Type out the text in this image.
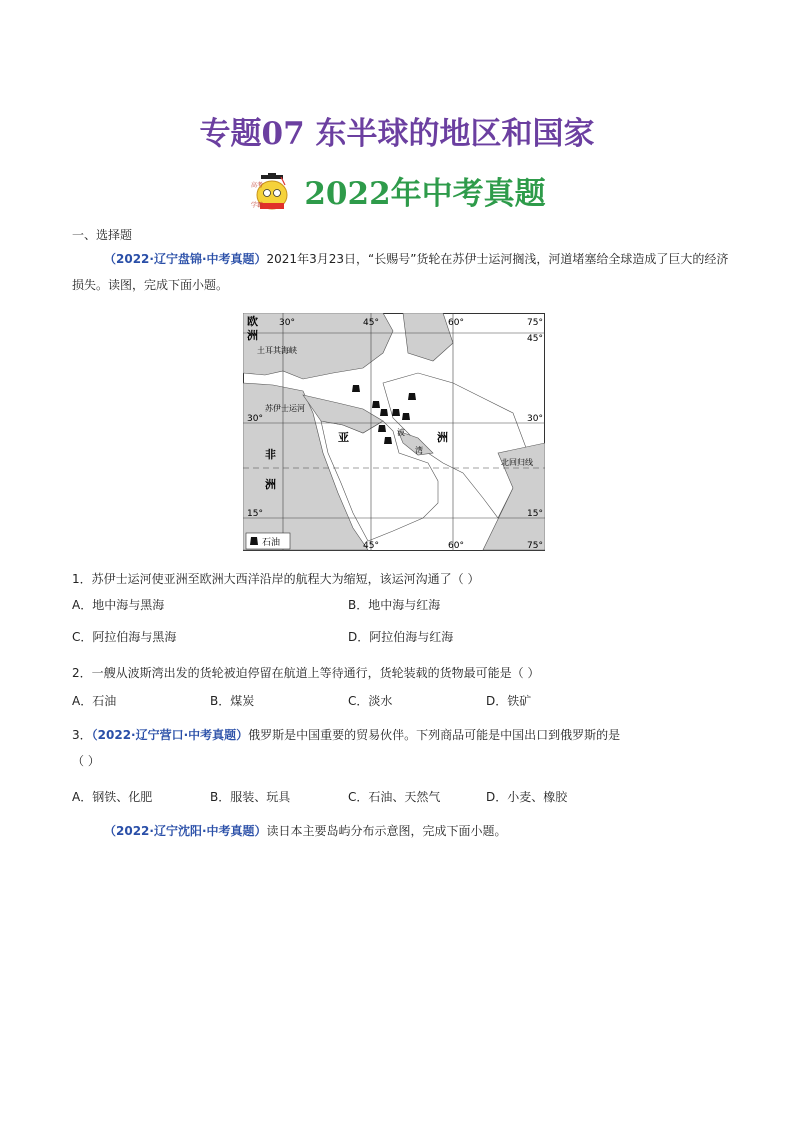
专题07 东半球的地区和国家
高考
学霸 2022年中考真题
一、选择题
（2022·辽宁盘锦·中考真题）2021年3月23日，“长赐号”货轮在苏伊士运河搁浅，河道堵塞给全球造成了巨大的经济损失。读图，完成下面小题。
30°	45°	60°	75°
45°
30°	30°
15°	15°
45°	60°	75°
欧
洲
土耳其海峡
苏伊士运河
亚	洲
非
洲
波
湾
北回归线
石油
1．苏伊士运河使亚洲至欧洲大西洋沿岸的航程大为缩短，该运河沟通了（ ）
A．地中海与黑海	B．地中海与红海
C．阿拉伯海与黑海	D．阿拉伯海与红海
2．一艘从波斯湾出发的货轮被迫停留在航道上等待通行，货轮装载的货物最可能是（ ）
A．石油	B．煤炭	C．淡水	D．铁矿
3．（2022·辽宁营口·中考真题）俄罗斯是中国重要的贸易伙伴。下列商品可能是中国出口到俄罗斯的是
（ ）
A．钢铁、化肥	B．服装、玩具	C．石油、天然气	D．小麦、橡胶
（2022·辽宁沈阳·中考真题）读日本主要岛屿分布示意图，完成下面小题。
